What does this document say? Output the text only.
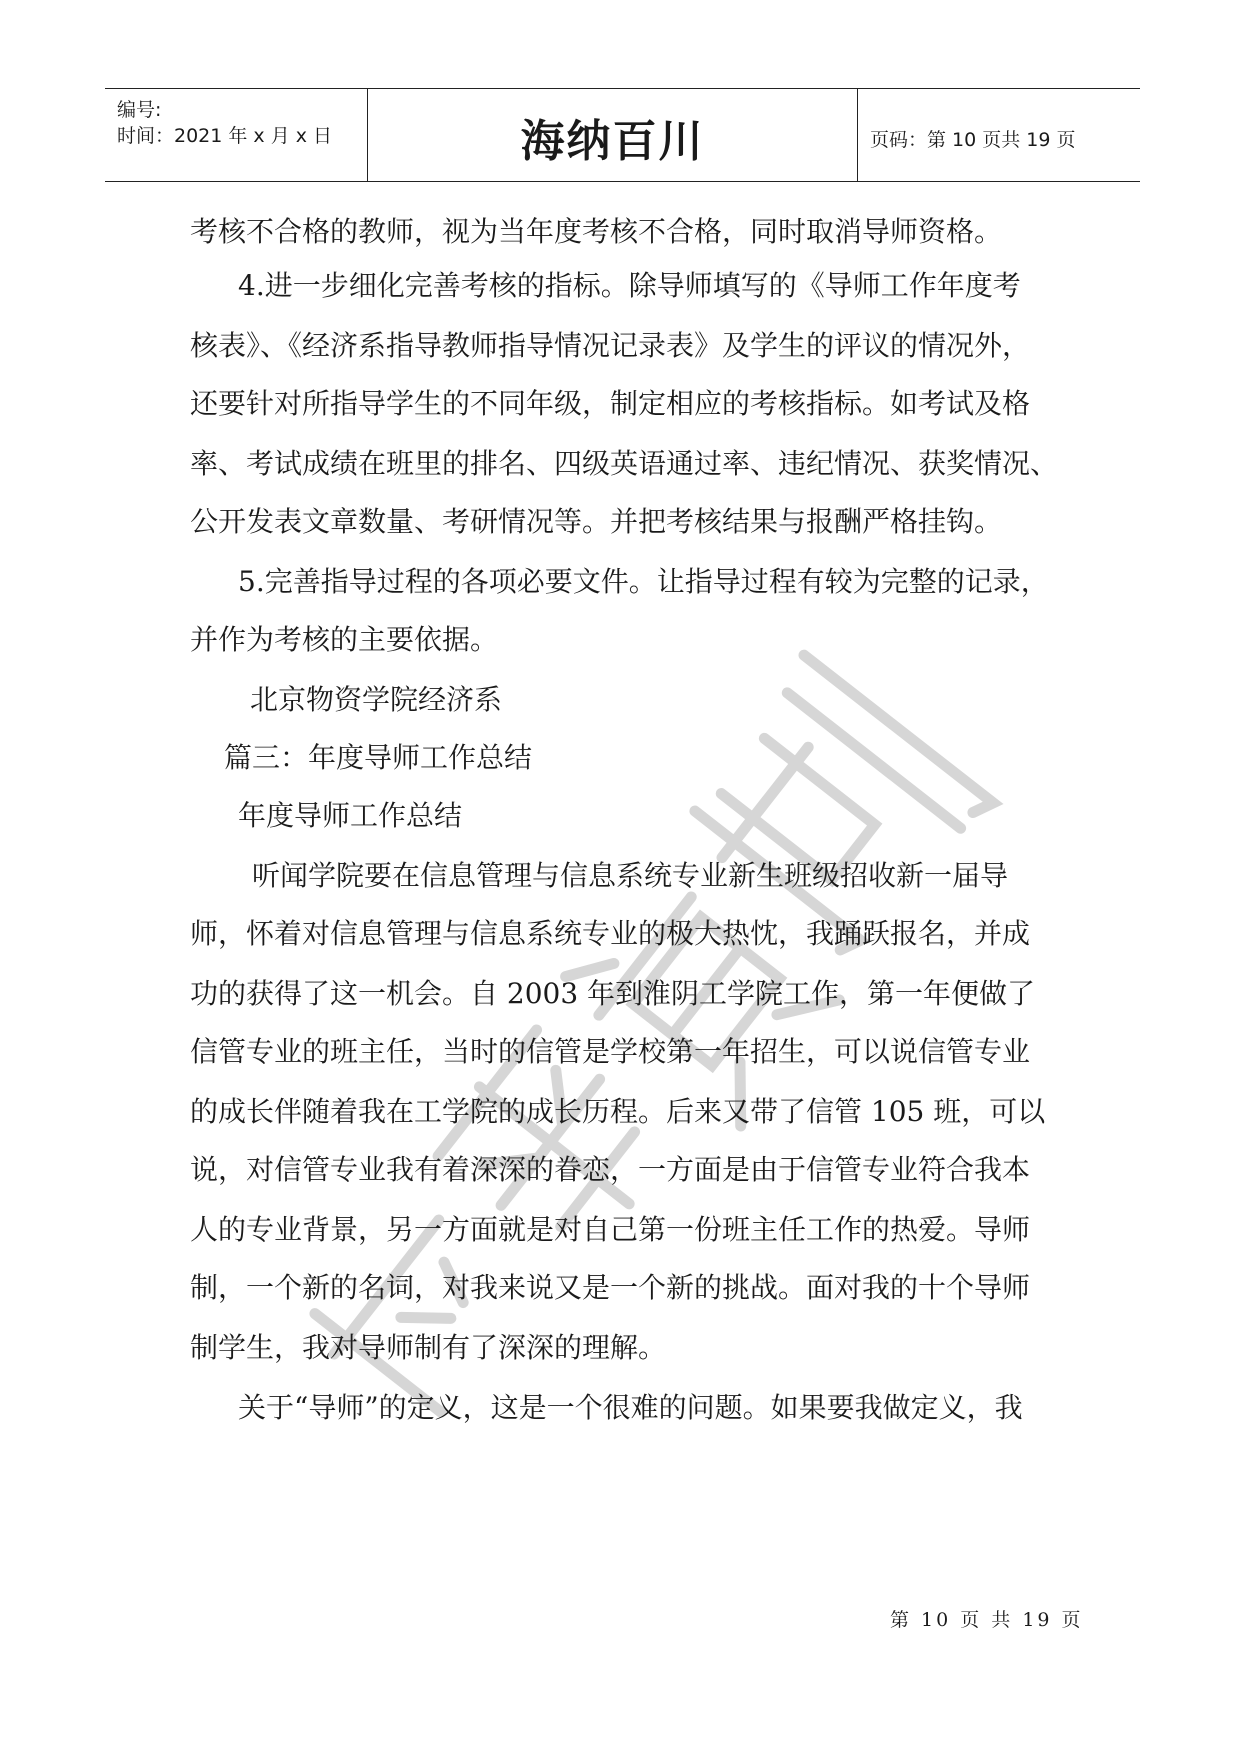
编号:
时间：2021 年 x 月 x 日	海纳百川	页码：第 10 页共 19 页
考核不合格的教师，视为当年度考核不合格，同时取消导师资格。
4.进一步细化完善考核的指标。除导师填写的《导师工作年度考
核表》、《经济系指导教师指导情况记录表》及学生的评议的情况外，
还要针对所指导学生的不同年级，制定相应的考核指标。如考试及格
率、考试成绩在班里的排名、四级英语通过率、违纪情况、获奖情况、
公开发表文章数量、考研情况等。并把考核结果与报酬严格挂钩。
5.完善指导过程的各项必要文件。让指导过程有较为完整的记录，
并作为考核的主要依据。
北京物资学院经济系
篇三：年度导师工作总结
年度导师工作总结
听闻学院要在信息管理与信息系统专业新生班级招收新一届导
师，怀着对信息管理与信息系统专业的极大热忱，我踊跃报名，并成
功的获得了这一机会。自 2003 年到淮阴工学院工作，第一年便做了
信管专业的班主任，当时的信管是学校第一年招生，可以说信管专业
的成长伴随着我在工学院的成长历程。后来又带了信管 105 班，可以
说，对信管专业我有着深深的眷恋，一方面是由于信管专业符合我本
人的专业背景，另一方面就是对自己第一份班主任工作的热爱。导师
制，一个新的名词，对我来说又是一个新的挑战。面对我的十个导师
制学生，我对导师制有了深深的理解。
关于“导师”的定义，这是一个很难的问题。如果要我做定义，我
第 10 页 共 19 页
